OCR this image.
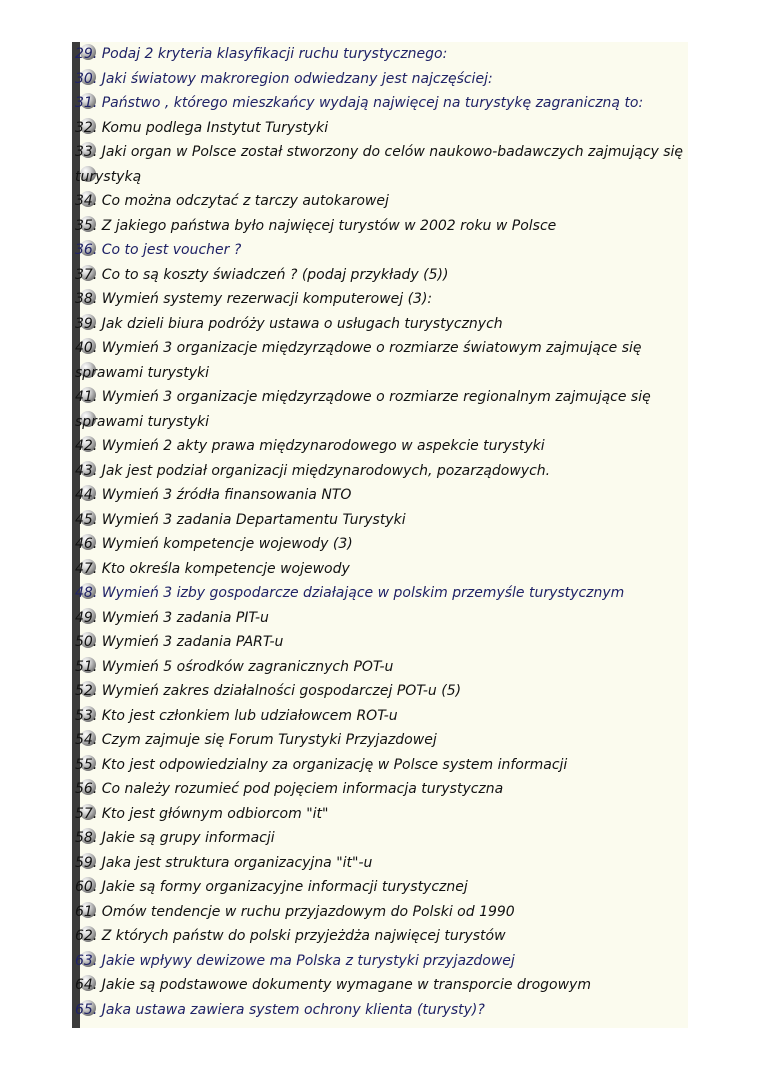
29. Podaj 2 kryteria klasyfikacji ruchu turystycznego:
30. Jaki światowy makroregion odwiedzany jest najczęściej:
31. Państwo , którego mieszkańcy wydają najwięcej na turystykę zagraniczną to:
32. Komu podlega Instytut Turystyki
33. Jaki organ w Polsce został stworzony do celów naukowo-badawczych zajmujący się turystyką
34. Co można odczytać z tarczy autokarowej
35. Z jakiego państwa było najwięcej turystów w 2002 roku w Polsce
36. Co to jest voucher ?
37. Co to są koszty świadczeń ? (podaj przykłady (5))
38. Wymień systemy rezerwacji komputerowej (3):
39. Jak dzieli biura podróży ustawa o usługach turystycznych
40. Wymień 3 organizacje międzyrządowe o rozmiarze światowym zajmujące się sprawami turystyki
41. Wymień 3 organizacje międzyrządowe o rozmiarze regionalnym zajmujące się sprawami turystyki
42. Wymień 2 akty prawa międzynarodowego w aspekcie turystyki
43. Jak jest podział organizacji międzynarodowych, pozarządowych.
44. Wymień 3 źródła finansowania NTO
45. Wymień 3 zadania Departamentu Turystyki
46. Wymień kompetencje wojewody (3)
47. Kto określa kompetencje wojewody
48. Wymień 3 izby gospodarcze działające w polskim przemyśle turystycznym
49. Wymień 3 zadania PIT-u
50. Wymień 3 zadania PART-u
51. Wymień 5 ośrodków zagranicznych POT-u
52. Wymień zakres działalności gospodarczej POT-u (5)
53. Kto jest członkiem lub udziałowcem ROT-u
54. Czym zajmuje się Forum Turystyki Przyjazdowej
55. Kto jest odpowiedzialny za organizację w Polsce system informacji
56. Co należy rozumieć pod pojęciem informacja turystyczna
57. Kto jest głównym odbiorcom "it"
58. Jakie są grupy informacji
59. Jaka jest struktura organizacyjna "it"-u
60. Jakie są formy organizacyjne informacji turystycznej
61. Omów tendencje w ruchu przyjazdowym do Polski od 1990
62. Z których państw do polski przyjeżdża najwięcej turystów
63. Jakie wpływy dewizowe ma Polska z turystyki przyjazdowej
64. Jakie są podstawowe dokumenty wymagane w transporcie drogowym
65. Jaka ustawa zawiera system ochrony klienta (turysty)?
